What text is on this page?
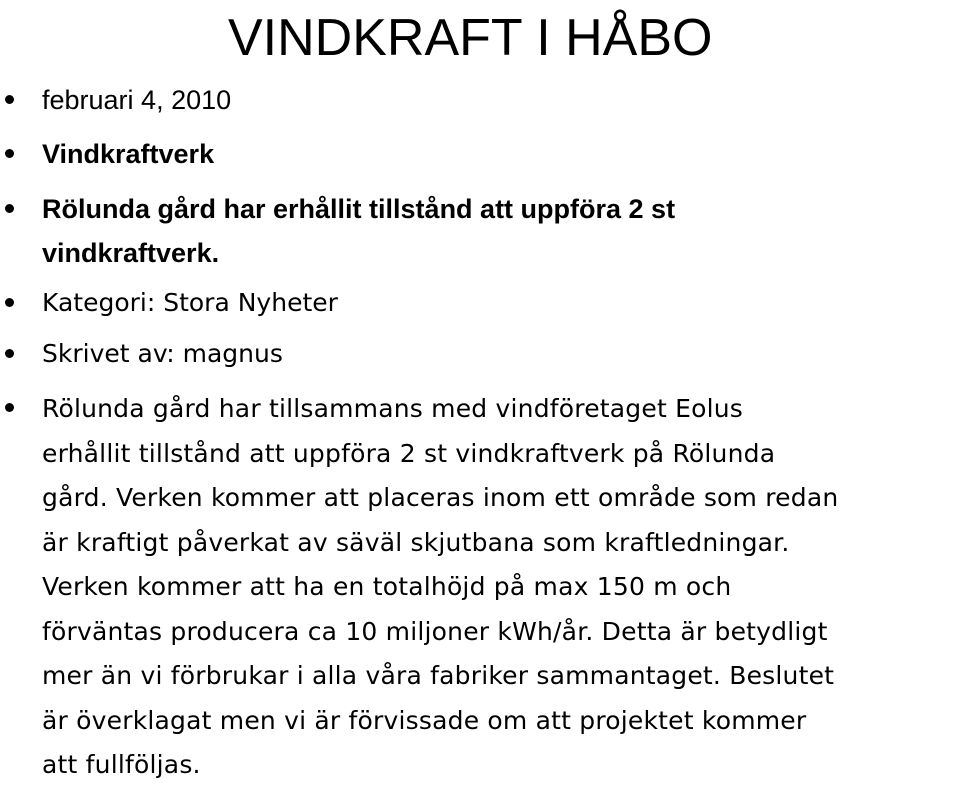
VINDKRAFT I HÅBO
februari 4, 2010
Vindkraftverk
Rölunda gård har erhållit tillstånd att uppföra 2 st
vindkraftverk.
Kategori: Stora Nyheter
Skrivet av: magnus
Rölunda gård har tillsammans med vindföretaget Eolus
erhållit tillstånd att uppföra 2 st vindkraftverk på Rölunda
gård. Verken kommer att placeras inom ett område som redan
är kraftigt påverkat av säväl skjutbana som kraftledningar.
Verken kommer att ha en totalhöjd på max 150 m och
förväntas producera ca 10 miljoner kWh/år. Detta är betydligt
mer än vi förbrukar i alla våra fabriker sammantaget. Beslutet
är överklagat men vi är förvissade om att projektet kommer
att fullföljas.
